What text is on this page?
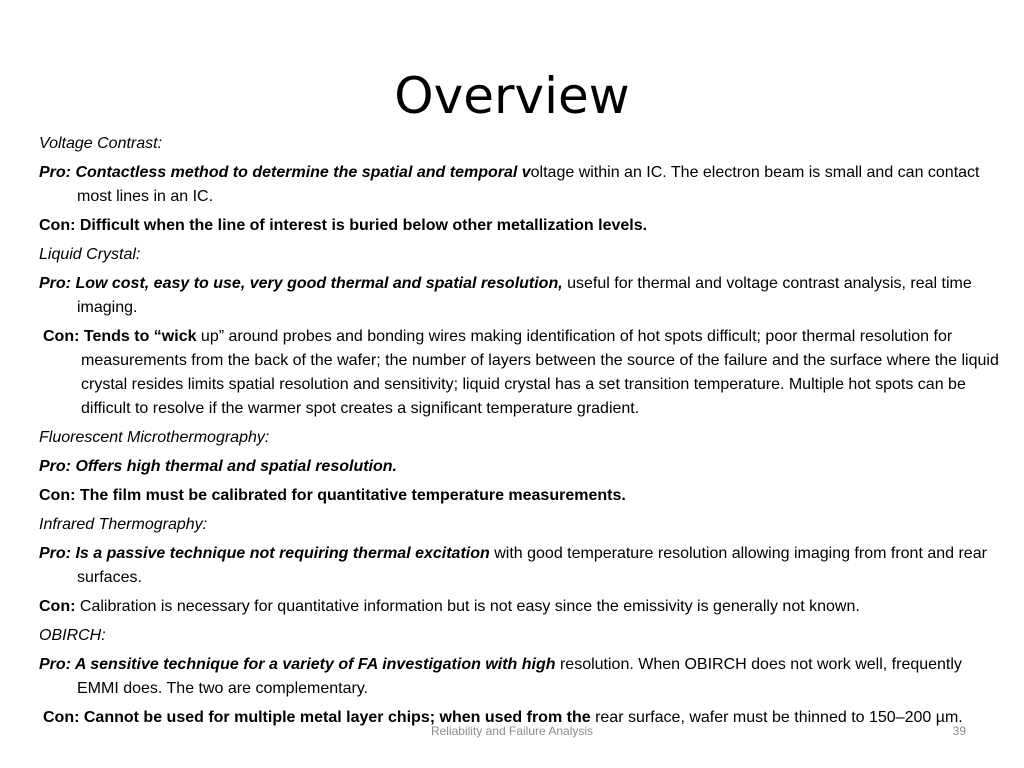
Overview

Voltage Contrast:

Pro: Contactless method to determine the spatial and temporal voltage within an IC. The electron beam is small and can contact most lines in an IC.

Con: Difficult when the line of interest is buried below other metallization levels.

Liquid Crystal:

Pro: Low cost, easy to use, very good thermal and spatial resolution, useful for thermal and voltage contrast analysis, real time imaging.

Con: Tends to “wick up” around probes and bonding wires making identification of hot spots difficult; poor thermal resolution for measurements from the back of the wafer; the number of layers between the source of the failure and the surface where the liquid crystal resides limits spatial resolution and sensitivity; liquid crystal has a set transition temperature. Multiple hot spots can be difficult to resolve if the warmer spot creates a significant temperature gradient.

Fluorescent Microthermography:

Pro: Offers high thermal and spatial resolution.

Con: The film must be calibrated for quantitative temperature measurements.

Infrared Thermography:

Pro: Is a passive technique not requiring thermal excitation with good temperature resolution allowing imaging from front and rear surfaces.

Con: Calibration is necessary for quantitative information but is not easy since the emissivity is generally not known.

OBIRCH:

Pro: A sensitive technique for a variety of FA investigation with high resolution. When OBIRCH does not work well, frequently EMMI does. The two are complementary.

Con: Cannot be used for multiple metal layer chips; when used from the rear surface, wafer must be thinned to 150–200 µm.

Reliability and Failure Analysis	39
